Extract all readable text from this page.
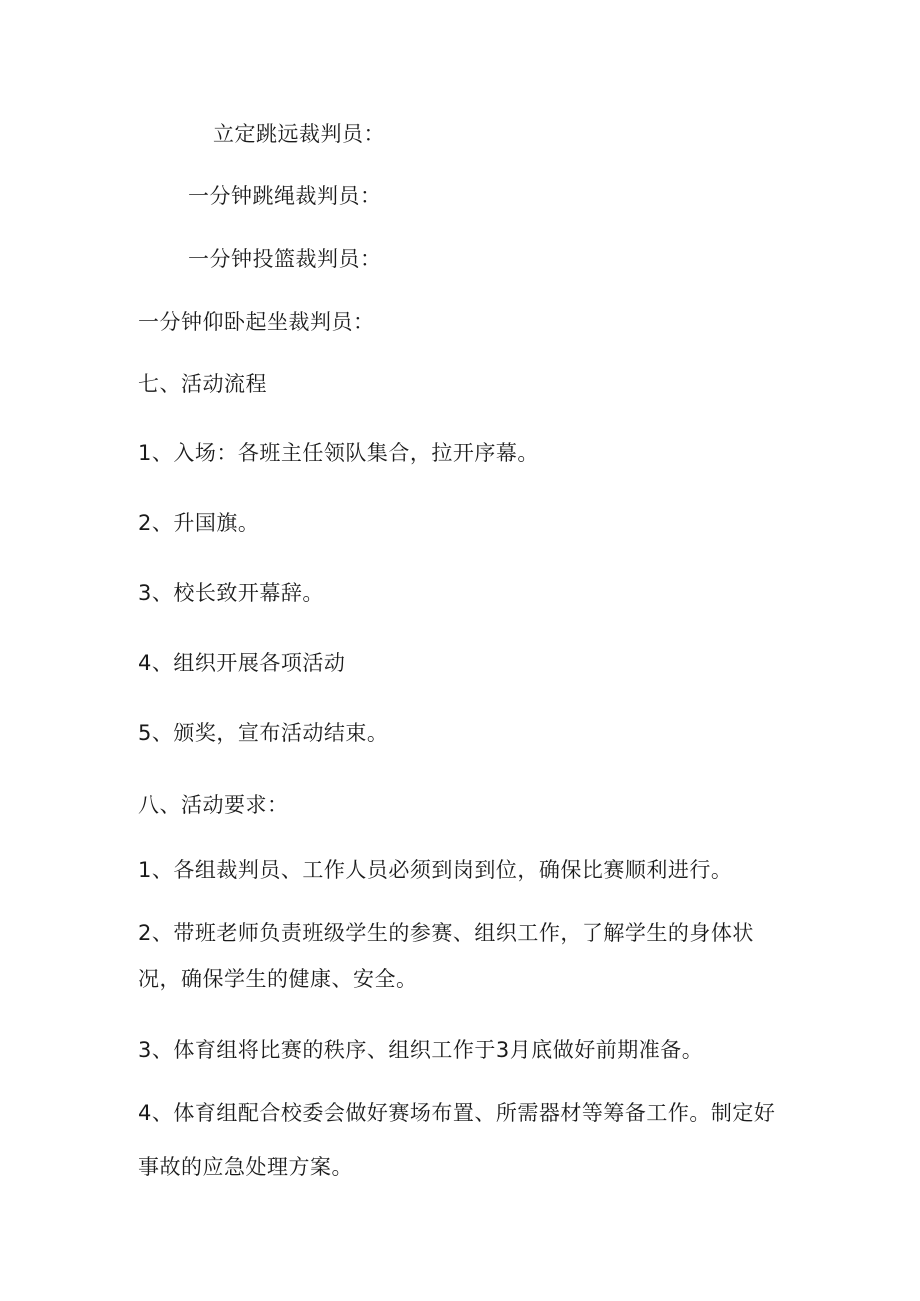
立定跳远裁判员：
一分钟跳绳裁判员：
一分钟投篮裁判员：
一分钟仰卧起坐裁判员：
七、活动流程
1、入场：各班主任领队集合，拉开序幕。
2、升国旗。
3、校长致开幕辞。
4、组织开展各项活动
5、颁奖，宣布活动结束。
八、活动要求：
1、各组裁判员、工作人员必须到岗到位，确保比赛顺利进行。
2、带班老师负责班级学生的参赛、组织工作，了解学生的身体状
况，确保学生的健康、安全。
3、体育组将比赛的秩序、组织工作于3月底做好前期准备。
4、体育组配合校委会做好赛场布置、所需器材等筹备工作。制定好
事故的应急处理方案。
